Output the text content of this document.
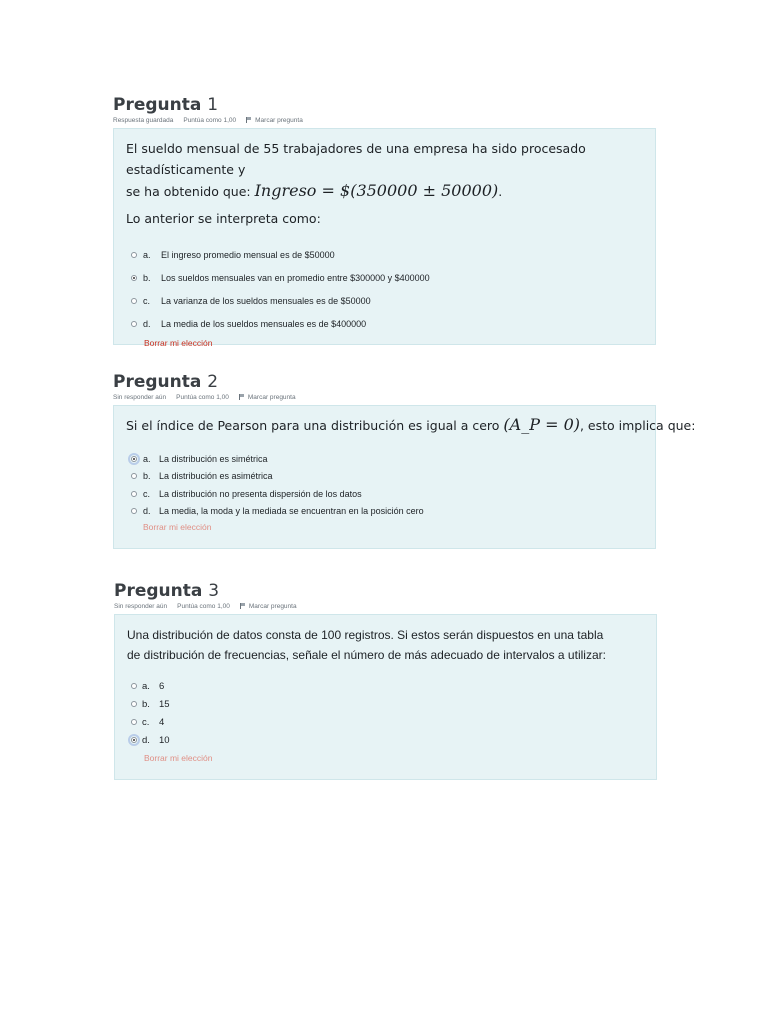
Pregunta 1
Respuesta guardada Puntúa como 1,00	Marcar pregunta
El sueldo mensual de 55 trabajadores de una empresa ha sido procesado estadísticamente y
se ha obtenido que: Ingreso = $(350000 ± 50000).
Lo anterior se interpreta como:
a.	El ingreso promedio mensual es de $50000
b.	Los sueldos mensuales van en promedio entre $300000 y $400000
c.	La varianza de los sueldos mensuales es de $50000
d.	La media de los sueldos mensuales es de $400000
Borrar mi elección
Pregunta 2
Sin responder aún Puntúa como 1,00	Marcar pregunta
Si el índice de Pearson para una distribución es igual a cero (A_P = 0), esto implica que:
a. La distribución es simétrica
b. La distribución es asimétrica
c. La distribución no presenta dispersión de los datos
d. La media, la moda y la mediada se encuentran en la posición cero
Borrar mi elección
Pregunta 3
Sin responder aún Puntúa como 1,00	Marcar pregunta
Una distribución de datos consta de 100 registros. Si estos serán dispuestos en una tabla
de distribución de frecuencias, señale el número de más adecuado de intervalos a utilizar:
a. 6
b. 15
c.	4
d. 10
Borrar mi elección
